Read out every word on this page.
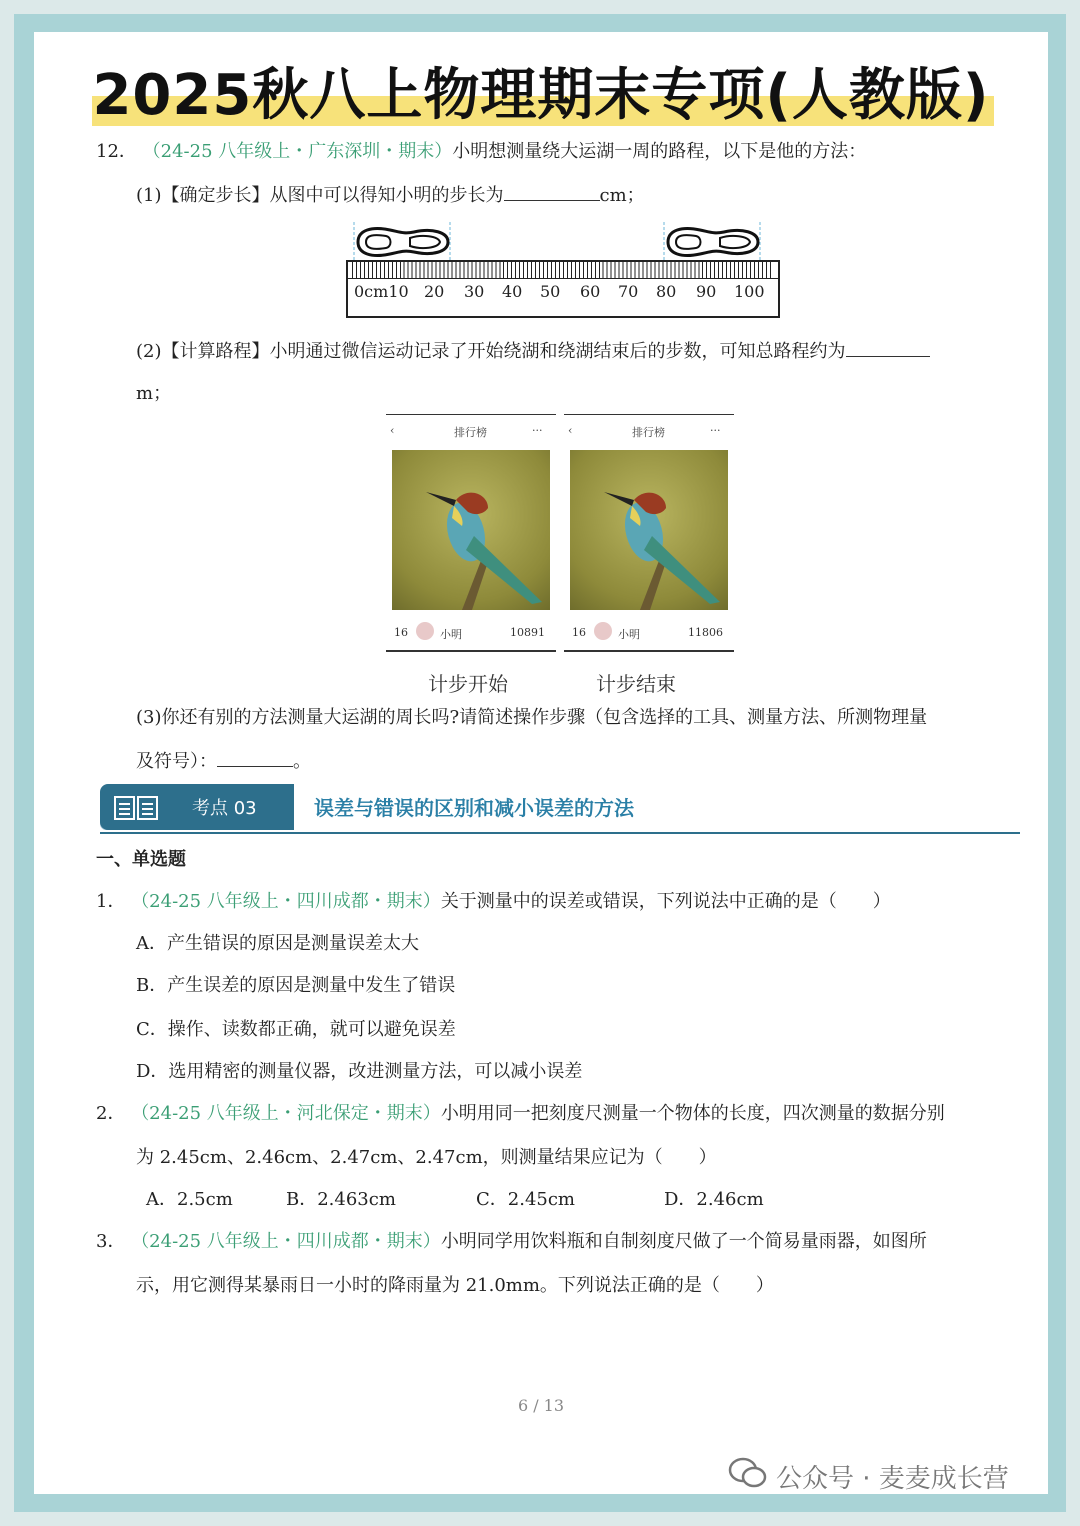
2025秋八上物理期末专项(人教版)
12． （24-25 八年级上・广东深圳・期末）小明想测量绕大运湖一周的路程，以下是他的方法：
(1)【确定步长】从图中可以得知小明的步长为	cm；
0cm10 20 30 40 50 60 70 80 90 100
(2)【计算路程】小明通过微信运动记录了开始绕湖和绕湖结束后的步数，可知总路程约为
m；
‹	排行榜	···
16	小明	10891
‹	排行榜	···
16	小明	11806
计步开始	计步结束
(3)你还有别的方法测量大运湖的周长吗?请简述操作步骤（包含选择的工具、测量方法、所测物理量
及符号）：	。
考点 03	误差与错误的区别和减小误差的方法
一、单选题
1． （24-25 八年级上・四川成都・期末）关于测量中的误差或错误，下列说法中正确的是（　　）
A．产生错误的原因是测量误差太大
B．产生误差的原因是测量中发生了错误
C．操作、读数都正确，就可以避免误差
D．选用精密的测量仪器，改进测量方法，可以减小误差
2． （24-25 八年级上・河北保定・期末）小明用同一把刻度尺测量一个物体的长度，四次测量的数据分别
为 2.45cm、2.46cm、2.47cm、2.47cm，则测量结果应记为（　　）
A．2.5cm	B．2.463cm	C．2.45cm	D．2.46cm
3． （24-25 八年级上・四川成都・期末）小明同学用饮料瓶和自制刻度尺做了一个简易量雨器，如图所
示，用它测得某暴雨日一小时的降雨量为 21.0mm。下列说法正确的是（　　）
6 / 13
公众号 · 麦麦成长营
